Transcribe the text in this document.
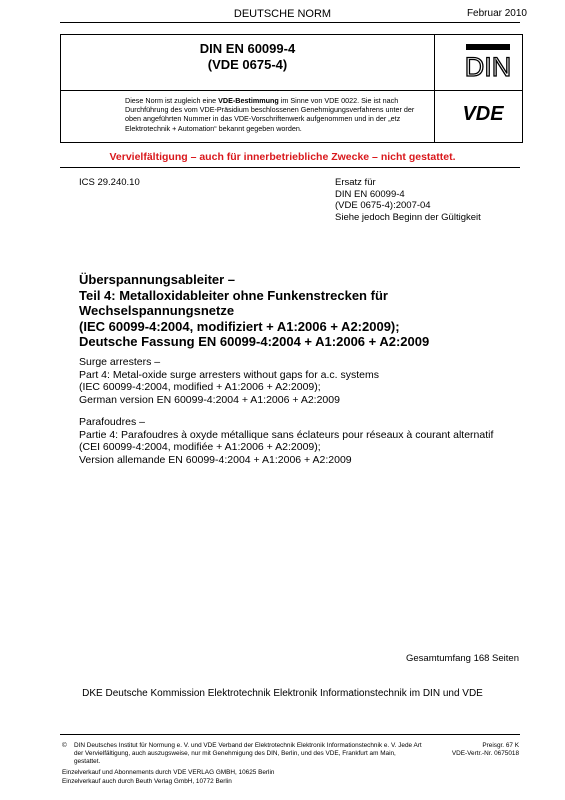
DEUTSCHE NORM	Februar 2010
DIN EN 60099-4
(VDE 0675-4)	DIN
VDE
Diese Norm ist zugleich eine VDE-Bestimmung im Sinne von VDE 0022. Sie ist nach Durchführung des vom VDE-Präsidium beschlossenen Genehmigungsverfahrens unter der oben angeführten Nummer in das VDE-Vorschriftenwerk aufgenommen und in der „etz Elektrotechnik + Automation“ bekannt gegeben worden.
Vervielfältigung – auch für innerbetriebliche Zwecke – nicht gestattet.
ICS 29.240.10	Ersatz für
DIN EN 60099-4
(VDE 0675-4):2007-04
Siehe jedoch Beginn der Gültigkeit
Überspannungsableiter –
Teil 4: Metalloxidableiter ohne Funkenstrecken für
Wechselspannungsnetze
(IEC 60099-4:2004, modifiziert + A1:2006 + A2:2009);
Deutsche Fassung EN 60099-4:2004 + A1:2006 + A2:2009
Surge arresters –
Part 4: Metal-oxide surge arresters without gaps for a.c. systems
(IEC 60099-4:2004, modified + A1:2006 + A2:2009);
German version EN 60099-4:2004 + A1:2006 + A2:2009
Parafoudres –
Partie 4: Parafoudres à oxyde métallique sans éclateurs pour réseaux à courant alternatif
(CEI 60099-4:2004, modifiée + A1:2006 + A2:2009);
Version allemande EN 60099-4:2004 + A1:2006 + A2:2009
Gesamtumfang 168 Seiten
DKE Deutsche Kommission Elektrotechnik Elektronik Informationstechnik im DIN und VDE
©	DIN Deutsches Institut für Normung e. V. und VDE Verband der Elektrotechnik Elektronik Informationstechnik e. V. Jede Art der Vervielfältigung, auch auszugsweise, nur mit Genehmigung des DIN, Berlin, und des VDE, Frankfurt am Main, gestattet.
Preisgr. 67 K
VDE-Vertr.-Nr. 0675018
Einzelverkauf und Abonnements durch VDE VERLAG GMBH, 10625 Berlin
Einzelverkauf auch durch Beuth Verlag GmbH, 10772 Berlin
